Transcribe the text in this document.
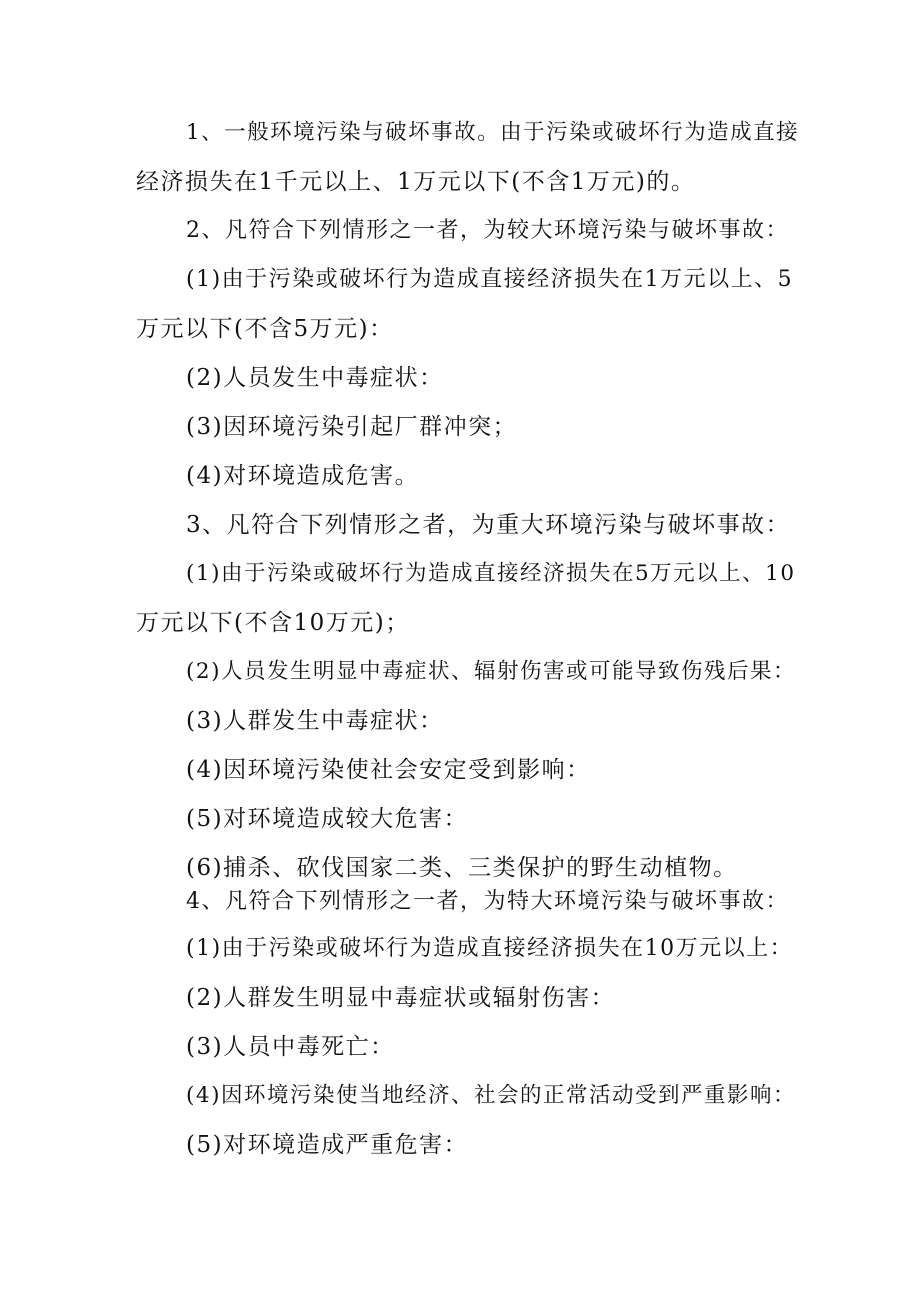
1、一般环境污染与破坏事故。由于污染或破坏行为造成直接
经济损失在1千元以上、1万元以下(不含1万元)的。
2、凡符合下列情形之一者，为较大环境污染与破坏事故：
(1)由于污染或破坏行为造成直接经济损失在1万元以上、5
万元以下(不含5万元)：
(2)人员发生中毒症状：
(3)因环境污染引起厂群冲突；
(4)对环境造成危害。
3、凡符合下列情形之者，为重大环境污染与破坏事故：
(1)由于污染或破坏行为造成直接经济损失在5万元以上、10
万元以下(不含10万元)；
(2)人员发生明显中毒症状、辐射伤害或可能导致伤残后果：
(3)人群发生中毒症状：
(4)因环境污染使社会安定受到影响：
(5)对环境造成较大危害：
(6)捕杀、砍伐国家二类、三类保护的野生动植物。
4、凡符合下列情形之一者，为特大环境污染与破坏事故：
(1)由于污染或破坏行为造成直接经济损失在10万元以上：
(2)人群发生明显中毒症状或辐射伤害：
(3)人员中毒死亡：
(4)因环境污染使当地经济、社会的正常活动受到严重影响：
(5)对环境造成严重危害：
